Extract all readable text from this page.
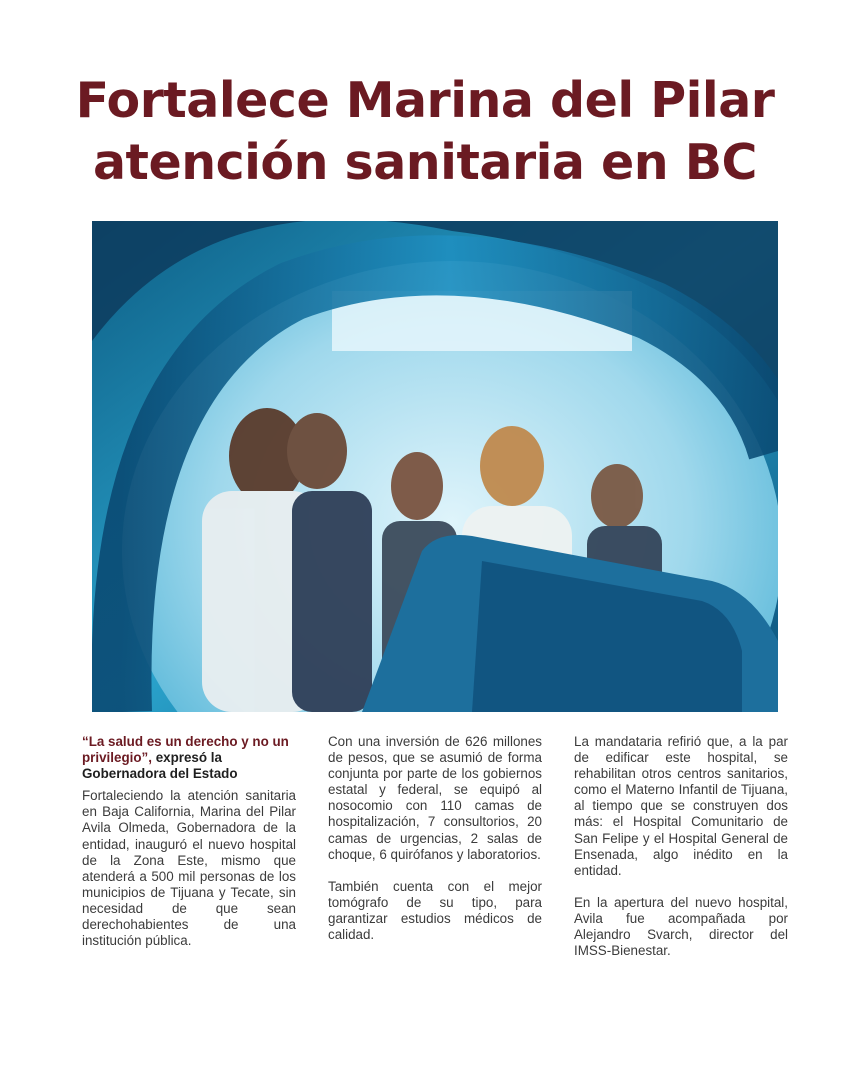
Fortalece Marina del Pilar
atención sanitaria en BC

“La salud es un derecho y no un privilegio”, expresó la Gobernadora del Estado

Fortaleciendo la atención sanitaria en Baja California, Marina del Pilar Avila Olmeda, Gobernadora de la entidad, inauguró el nuevo hospital de la Zona Este, mismo que atenderá a 500 mil personas de los municipios de Tijuana y Tecate, sin necesidad de que sean derechohabientes de una institución pública.

Con una inversión de 626 millones de pesos, que se asumió de forma conjunta por parte de los gobiernos estatal y federal, se equipó al nosocomio con 110 camas de hospitalización, 7 consultorios, 20 camas de urgencias, 2 salas de choque, 6 quirófanos y laboratorios.

También cuenta con el mejor tomógrafo de su tipo, para garantizar estudios médicos de calidad.

La mandataria refirió que, a la par de edificar este hospital, se rehabilitan otros centros sanitarios, como el Materno Infantil de Tijuana, al tiempo que se construyen dos más: el Hospital Comunitario de San Felipe y el Hospital General de Ensenada, algo inédito en la entidad.

En la apertura del nuevo hospital, Avila fue acompañada por Alejandro Svarch, director del IMSS-Bienestar.
